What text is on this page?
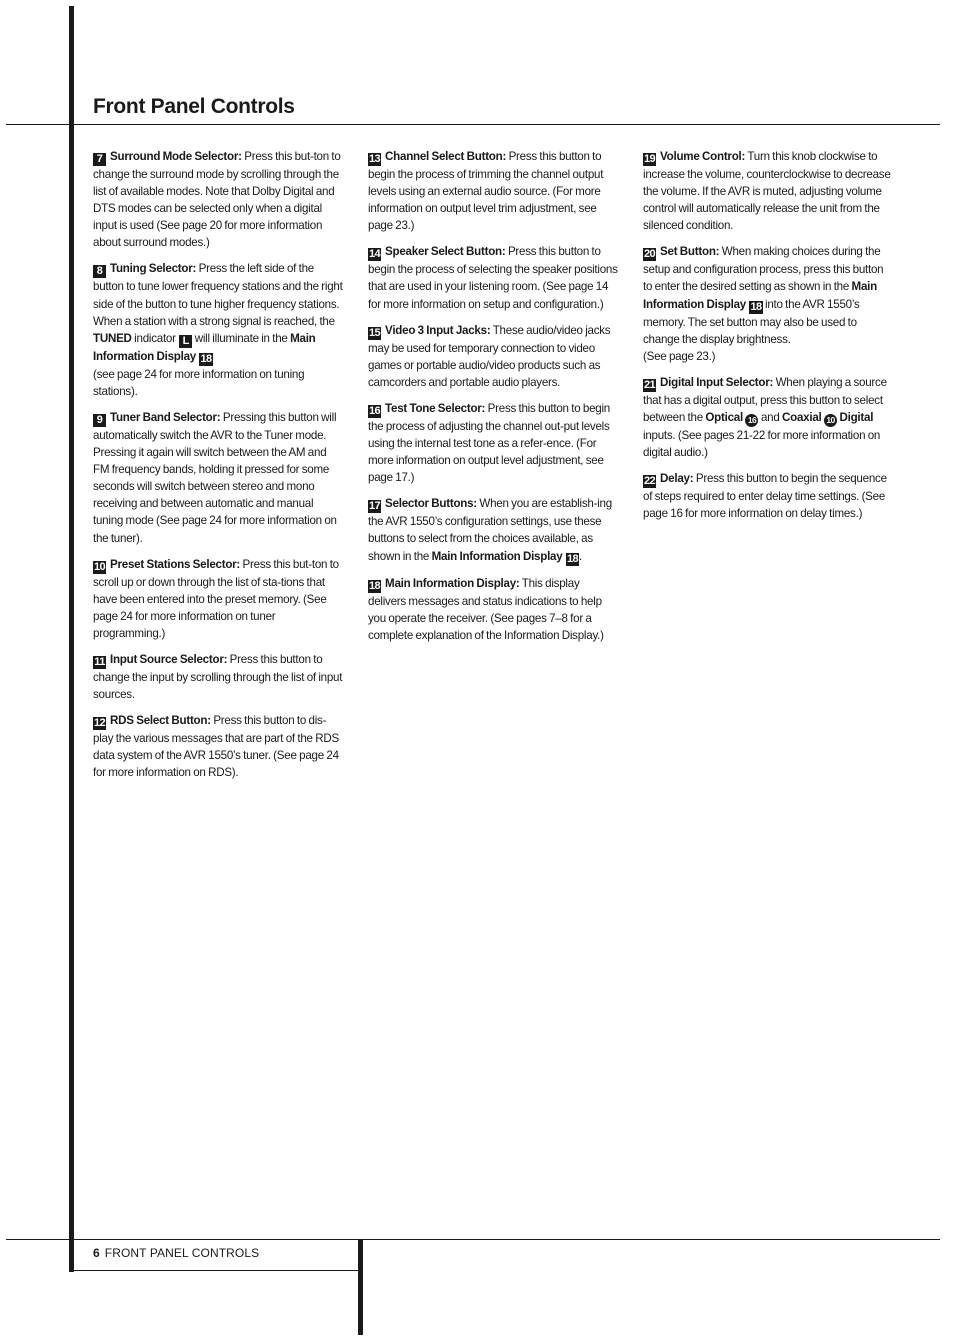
Front Panel Controls

7 Surround Mode Selector: Press this but-ton to change the surround mode by scrolling through the list of available modes. Note that Dolby Digital and DTS modes can be selected only when a digital input is used (See page 20 for more information about surround modes.)

8 Tuning Selector: Press the left side of the button to tune lower frequency stations and the right side of the button to tune higher frequency stations. When a station with a strong signal is reached, the TUNED indicator L will illuminate in the Main Information Display 18
(see page 24 for more information on tuning stations).

9 Tuner Band Selector: Pressing this button will automatically switch the AVR to the Tuner mode. Pressing it again will switch between the AM and FM frequency bands, holding it pressed for some seconds will switch between stereo and mono receiving and between automatic and manual tuning mode (See page 24 for more information on the tuner).

10 Preset Stations Selector: Press this but-ton to scroll up or down through the list of sta-tions that have been entered into the preset memory. (See page 24 for more information on tuner programming.)

11 Input Source Selector: Press this button to change the input by scrolling through the list of input sources.

12 RDS Select Button: Press this button to dis-play the various messages that are part of the RDS data system of the AVR 1550’s tuner. (See page 24 for more information on RDS).

13 Channel Select Button: Press this button to begin the process of trimming the channel output levels using an external audio source. (For more information on output level trim adjustment, see page 23.)

14 Speaker Select Button: Press this button to begin the process of selecting the speaker positions that are used in your listening room. (See page 14 for more information on setup and configuration.)

15 Video 3 Input Jacks: These audio/video jacks may be used for temporary connection to video games or portable audio/video products such as camcorders and portable audio players.

16 Test Tone Selector: Press this button to begin the process of adjusting the channel out-put levels using the internal test tone as a refer-ence. (For more information on output level adjustment, see page 17.)

17 Selector Buttons: When you are establish-ing the AVR 1550’s configuration settings, use these buttons to select from the choices available, as shown in the Main Information Display 18.

18 Main Information Display: This display delivers messages and status indications to help you operate the receiver. (See pages 7–8 for a complete explanation of the Information Display.)

19 Volume Control: Turn this knob clockwise to increase the volume, counterclockwise to decrease the volume. If the AVR is muted, adjusting volume control will automatically release the unit from the silenced condition.

20 Set Button: When making choices during the setup and configuration process, press this button to enter the desired setting as shown in the Main Information Display 18 into the AVR 1550’s memory. The set button may also be used to change the display brightness.
(See page 23.)

21 Digital Input Selector: When playing a source that has a digital output, press this button to select between the Optical 16 and Coaxial 10 Digital inputs. (See pages 21-22 for more information on digital audio.)

22 Delay: Press this button to begin the sequence of steps required to enter delay time settings. (See page 16 for more information on delay times.)

6 FRONT PANEL CONTROLS
